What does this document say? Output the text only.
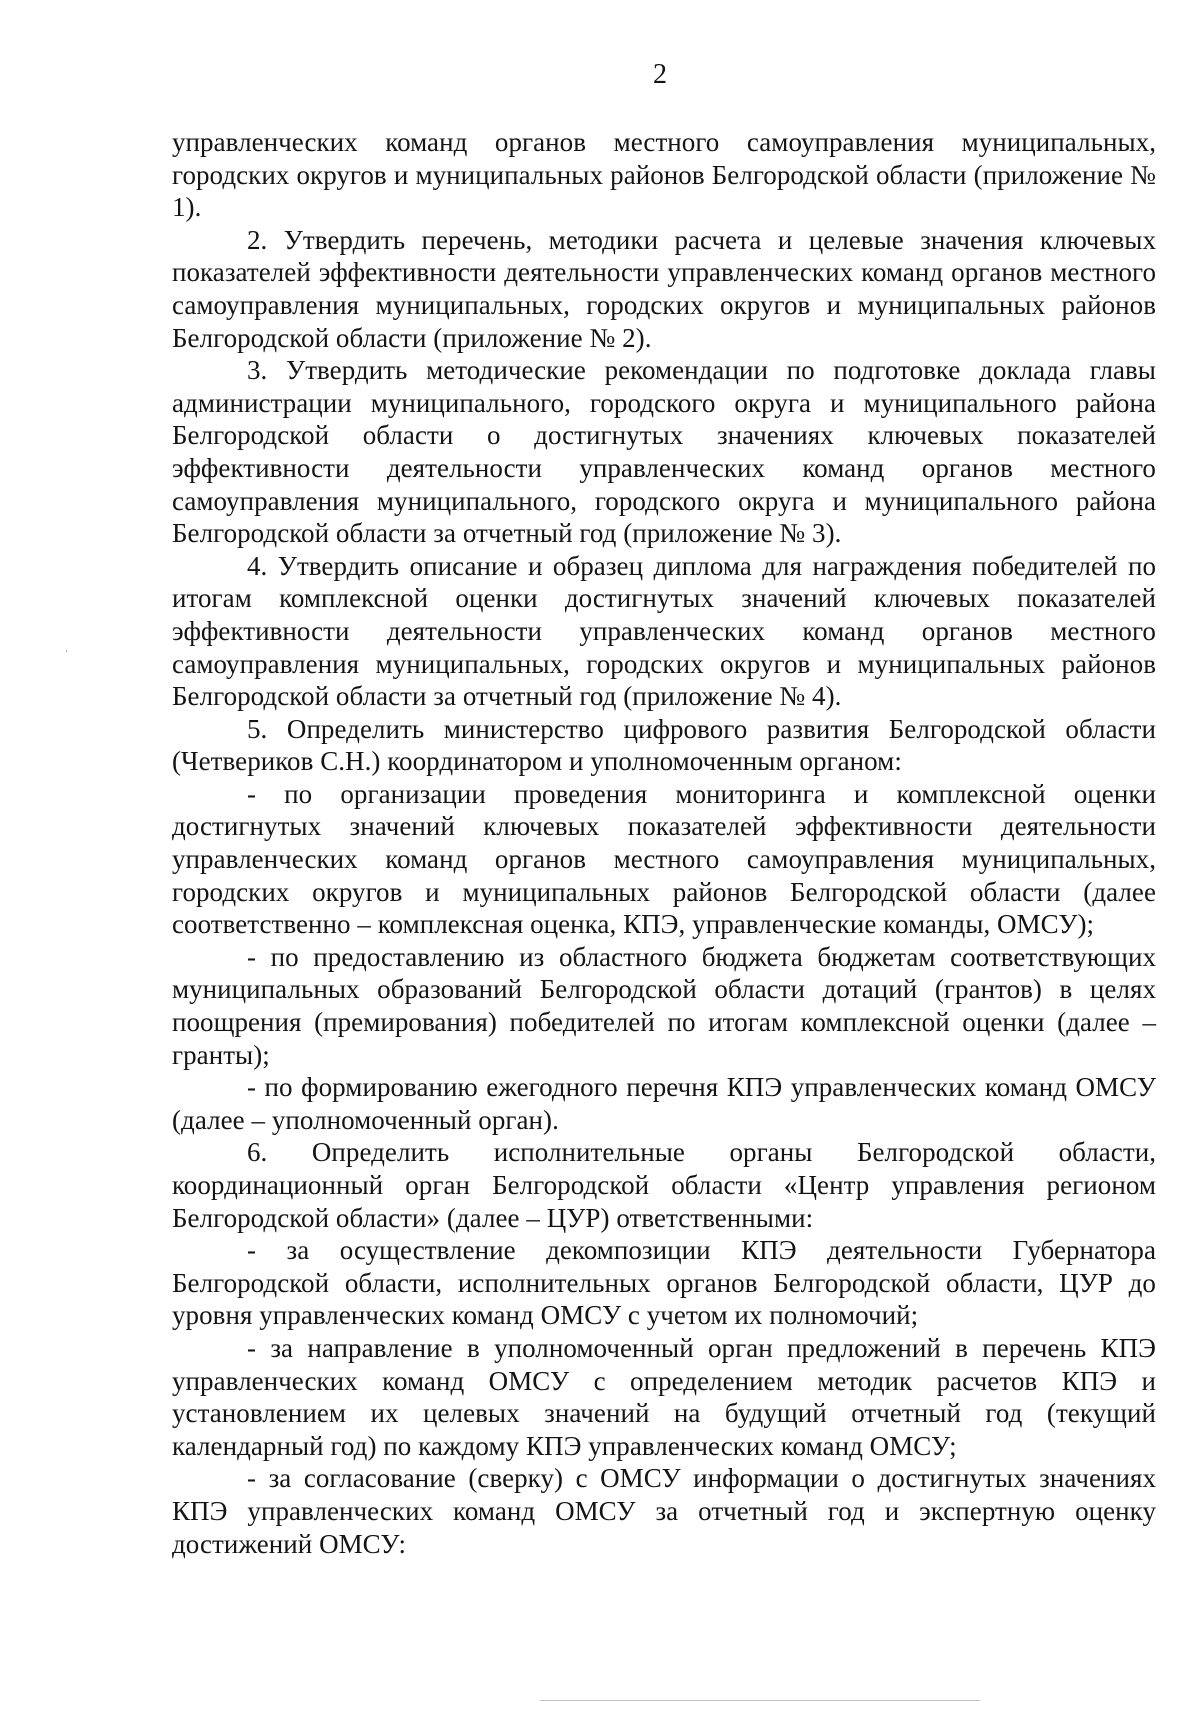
2

управленческих команд органов местного самоуправления муниципальных, городских округов и муниципальных районов Белгородской области (приложение № 1).

2. Утвердить перечень, методики расчета и целевые значения ключевых показателей эффективности деятельности управленческих команд органов местного самоуправления муниципальных, городских округов и муниципальных районов Белгородской области (приложение № 2).

3. Утвердить методические рекомендации по подготовке доклада главы администрации муниципального, городского округа и муниципального района Белгородской области о достигнутых значениях ключевых показателей эффективности деятельности управленческих команд органов местного самоуправления муниципального, городского округа и муниципального района Белгородской области за отчетный год (приложение № 3).

4. Утвердить описание и образец диплома для награждения победителей по итогам комплексной оценки достигнутых значений ключевых показателей эффективности деятельности управленческих команд органов местного самоуправления муниципальных, городских округов и муниципальных районов Белгородской области за отчетный год (приложение № 4).

5. Определить министерство цифрового развития Белгородской области (Четвериков С.Н.) координатором и уполномоченным органом:

- по организации проведения мониторинга и комплексной оценки достигнутых значений ключевых показателей эффективности деятельности управленческих команд органов местного самоуправления муниципальных, городских округов и муниципальных районов Белгородской области (далее соответственно – комплексная оценка, КПЭ, управленческие команды, ОМСУ);

- по предоставлению из областного бюджета бюджетам соответствующих муниципальных образований Белгородской области дотаций (грантов) в целях поощрения (премирования) победителей по итогам комплексной оценки (далее – гранты);

- по формированию ежегодного перечня КПЭ управленческих команд ОМСУ (далее – уполномоченный орган).

6. Определить исполнительные органы Белгородской области, координационный орган Белгородской области «Центр управления регионом Белгородской области» (далее – ЦУР) ответственными:

- за осуществление декомпозиции КПЭ деятельности Губернатора Белгородской области, исполнительных органов Белгородской области, ЦУР до уровня управленческих команд ОМСУ с учетом их полномочий;

- за направление в уполномоченный орган предложений в перечень КПЭ управленческих команд ОМСУ с определением методик расчетов КПЭ и установлением их целевых значений на будущий отчетный год (текущий календарный год) по каждому КПЭ управленческих команд ОМСУ;

- за согласование (сверку) с ОМСУ информации о достигнутых значениях КПЭ управленческих команд ОМСУ за отчетный год и экспертную оценку достижений ОМСУ:
